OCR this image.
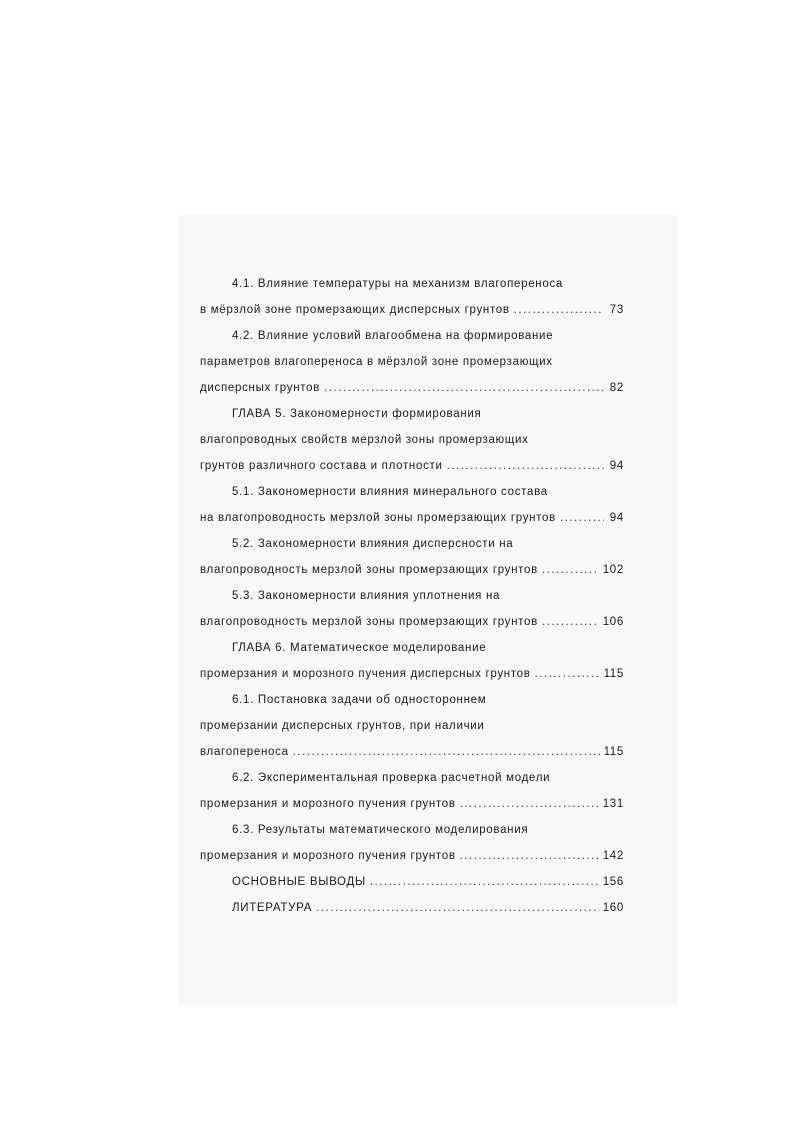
4.1. Влияние температуры на механизм влагопереноса
в мёрзлой зоне промерзающих дисперсных грунтов .....	73
4.2. Влияние условий влагообмена на формирование
параметров влагопереноса в мёрзлой зоне промерзающих
дисперсных грунтов .....	82
ГЛАВА 5. Закономерности формирования
влагопроводных свойств мерзлой зоны промерзающих
грунтов различного состава и плотности .....	94
5.1. Закономерности влияния минерального состава
на влагопроводность мерзлой зоны промерзающих грунтов .....	94
5.2. Закономерности влияния дисперсности на
влагопроводность мерзлой зоны промерзающих грунтов .....	102
5.3. Закономерности влияния уплотнения на
влагопроводность мерзлой зоны промерзающих грунтов .....	106
ГЛАВА 6. Математическое моделирование
промерзания и морозного пучения дисперсных грунтов .....	115
6.1. Постановка задачи об одностороннем
промерзании дисперсных грунтов, при наличии
влагопереноса .....	115
6.2. Экспериментальная проверка расчетной модели
промерзания и морозного пучения грунтов .....	131
6.3. Результаты математического моделирования
промерзания и морозного пучения грунтов .....	142
ОСНОВНЫЕ ВЫВОДЫ .....	156
ЛИТЕРАТУРА .....	160
